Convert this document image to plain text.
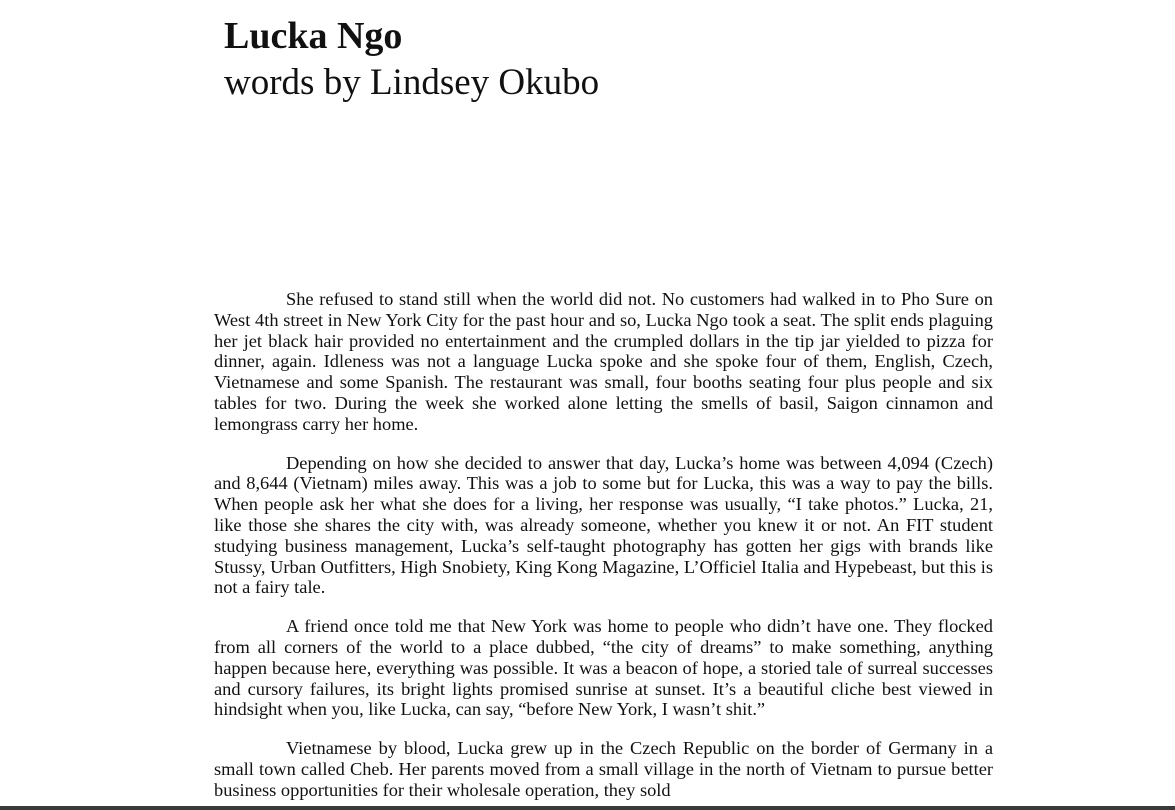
Lucka Ngo
words by Lindsey Okubo

She refused to stand still when the world did not. No customers had walked in to Pho Sure on West 4th street in New York City for the past hour and so, Lucka Ngo took a seat. The split ends plaguing her jet black hair provided no entertainment and the crumpled dollars in the tip jar yielded to pizza for dinner, again. Idleness was not a language Lucka spoke and she spoke four of them, English, Czech, Vietnamese and some Spanish. The restaurant was small, four booths seating four plus people and six tables for two. During the week she worked alone letting the smells of basil, Saigon cinnamon and lemongrass carry her home.

Depending on how she decided to answer that day, Lucka’s home was between 4,094 (Czech) and 8,644 (Vietnam) miles away. This was a job to some but for Lucka, this was a way to pay the bills. When people ask her what she does for a living, her response was usually, “I take photos.” Lucka, 21, like those she shares the city with, was already someone, whether you knew it or not. An FIT student studying business management, Lucka’s self-taught photography has gotten her gigs with brands like Stussy, Urban Outfitters, High Snobiety, King Kong Magazine, L’Officiel Italia and Hypebeast, but this is not a fairy tale.

A friend once told me that New York was home to people who didn’t have one. They flocked from all corners of the world to a place dubbed, “the city of dreams” to make something, anything happen because here, everything was possible. It was a beacon of hope, a storied tale of surreal successes and cursory failures, its bright lights promised sunrise at sunset. It’s a beautiful cliche best viewed in hindsight when you, like Lucka, can say, “before New York, I wasn’t shit.”

Vietnamese by blood, Lucka grew up in the Czech Republic on the border of Germany in a small town called Cheb. Her parents moved from a small village in the north of Vietnam to pursue better business opportunities for their wholesale operation, they sold
